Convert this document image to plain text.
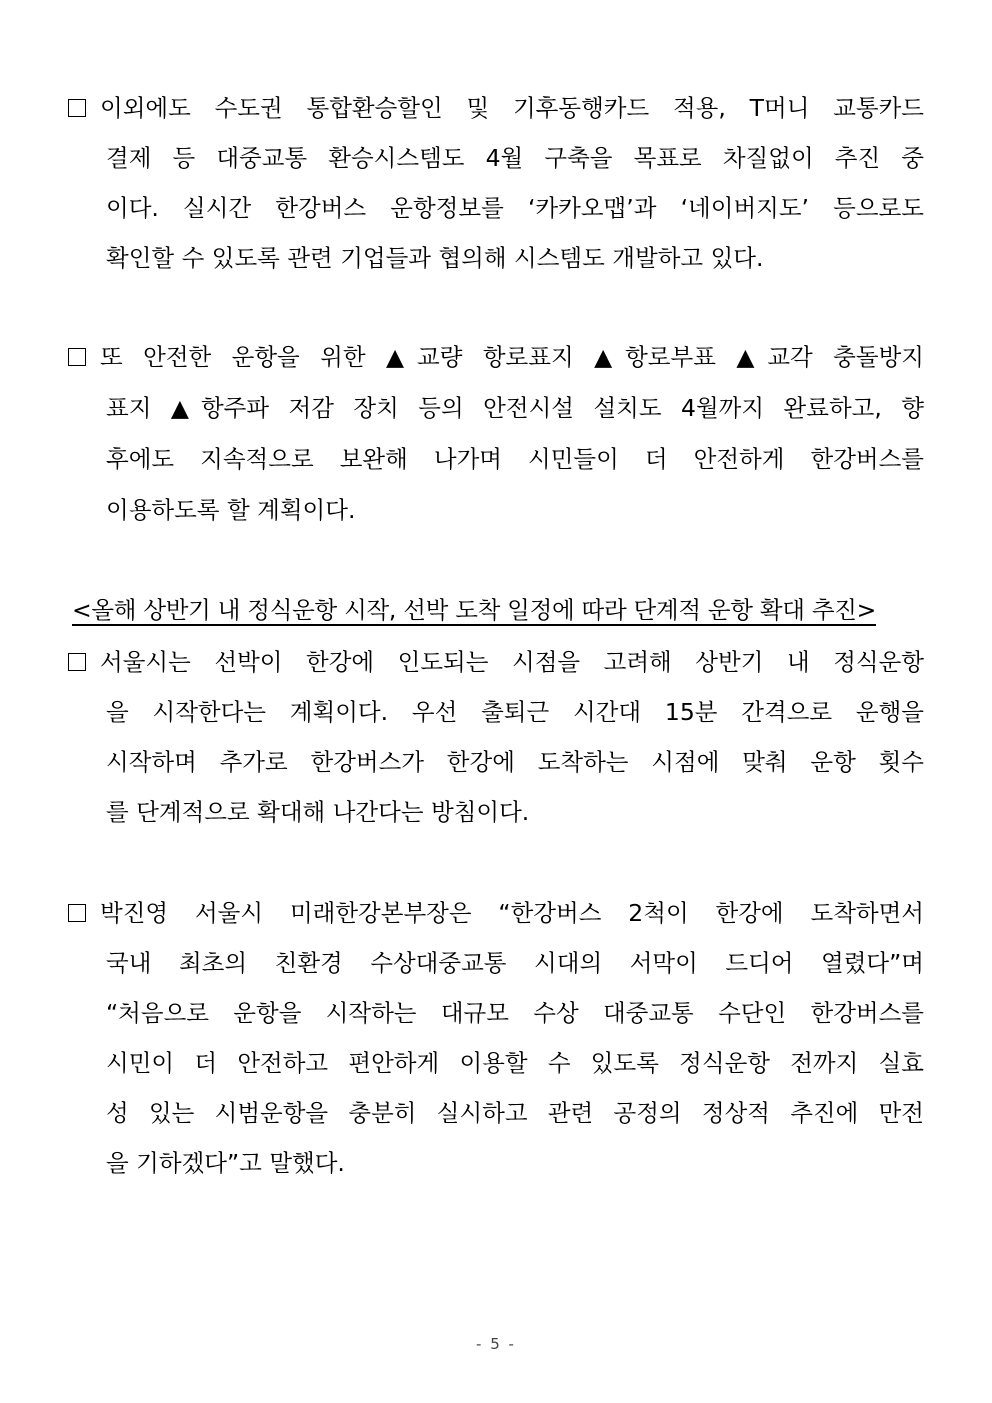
이외에도 수도권 통합환승할인 및 기후동행카드 적용, T머니 교통카드
결제 등 대중교통 환승시스템도 4월 구축을 목표로 차질없이 추진 중
이다. 실시간 한강버스 운항정보를 ‘카카오맵’과 ‘네이버지도’ 등으로도
확인할 수 있도록 관련 기업들과 협의해 시스템도 개발하고 있다.
또 안전한 운항을 위한 ▲교량 항로표지 ▲항로부표 ▲교각 충돌방지
표지 ▲항주파 저감 장치 등의 안전시설 설치도 4월까지 완료하고, 향
후에도 지속적으로 보완해 나가며 시민들이 더 안전하게 한강버스를
이용하도록 할 계획이다.
<올해 상반기 내 정식운항 시작, 선박 도착 일정에 따라 단계적 운항 확대 추진>
서울시는 선박이 한강에 인도되는 시점을 고려해 상반기 내 정식운항
을 시작한다는 계획이다. 우선 출퇴근 시간대 15분 간격으로 운행을
시작하며 추가로 한강버스가 한강에 도착하는 시점에 맞춰 운항 횟수
를 단계적으로 확대해 나간다는 방침이다.
박진영 서울시 미래한강본부장은 “한강버스 2척이 한강에 도착하면서
국내 최초의 친환경 수상대중교통 시대의 서막이 드디어 열렸다”며
“처음으로 운항을 시작하는 대규모 수상 대중교통 수단인 한강버스를
시민이 더 안전하고 편안하게 이용할 수 있도록 정식운항 전까지 실효
성 있는 시범운항을 충분히 실시하고 관련 공정의 정상적 추진에 만전
을 기하겠다”고 말했다.
- 5 -
